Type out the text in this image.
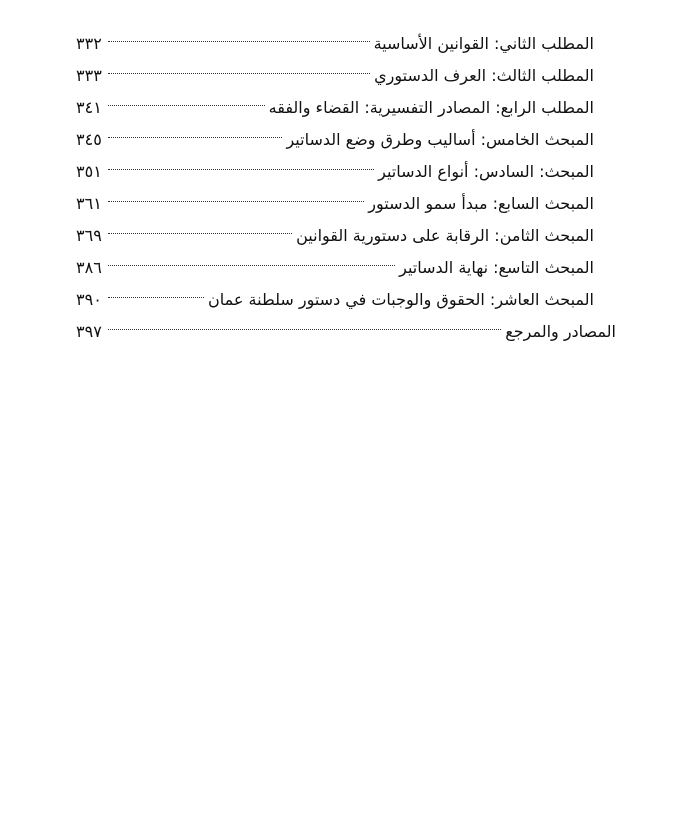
المطلب الثاني: القوانين الأساسية
٣٣٢
المطلب الثالث: العرف الدستوري
٣٣٣
المطلب الرابع: المصادر التفسيرية: القضاء والفقه
٣٤١
المبحث الخامس: أساليب وطرق وضع الدساتير
٣٤٥
المبحث: السادس: أنواع الدساتير
٣٥١
المبحث السابع: مبدأ سمو الدستور
٣٦١
المبحث الثامن: الرقابة على دستورية القوانين
٣٦٩
المبحث التاسع: نهاية الدساتير
٣٨٦
المبحث العاشر: الحقوق والوجبات في دستور سلطنة عمان
٣٩٠
المصادر والمرجع
٣٩٧
